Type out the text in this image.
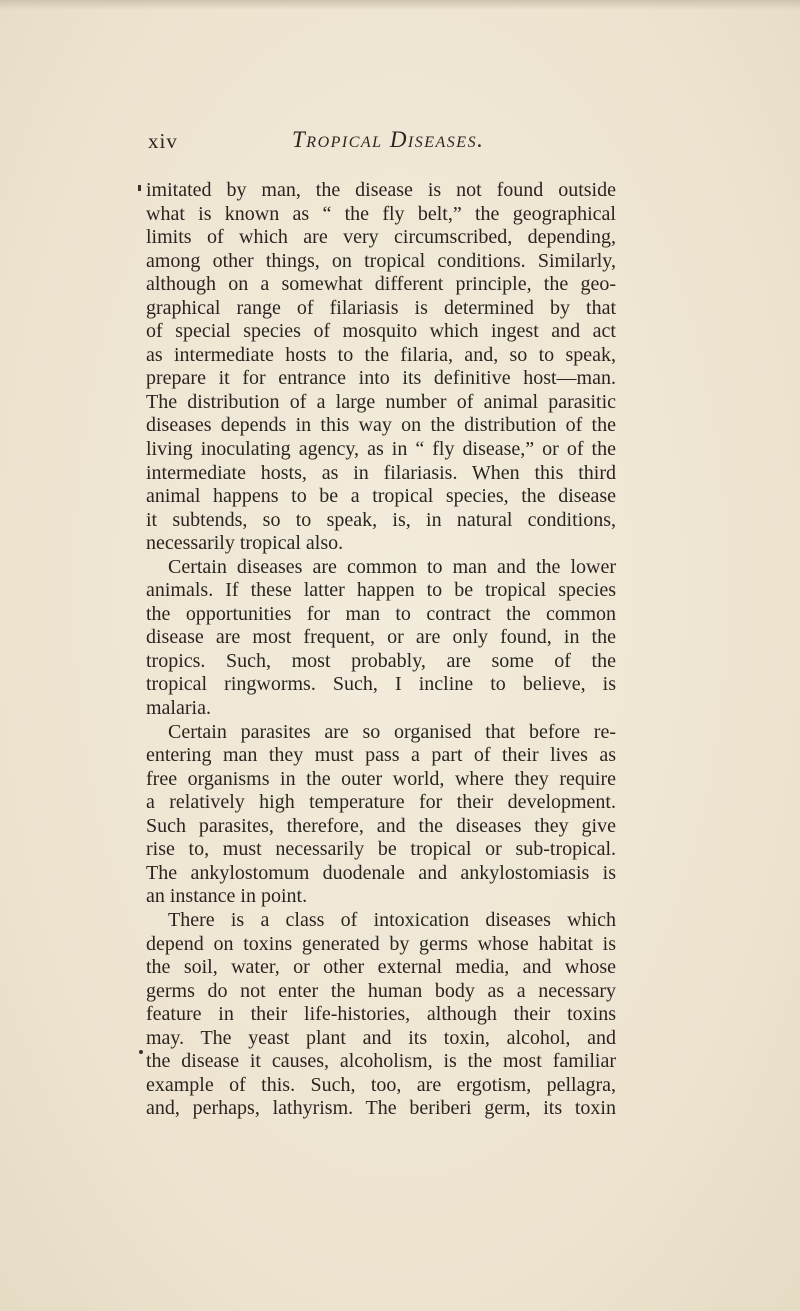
xiv	Tropical Diseases.
imitated by man, the disease is not found outside
what is known as “ the fly belt,” the geographical
limits of which are very circumscribed, depending,
among other things, on tropical conditions. Similarly,
although on a somewhat different principle, the geo-
graphical range of filariasis is determined by that
of special species of mosquito which ingest and act
as intermediate hosts to the filaria, and, so to speak,
prepare it for entrance into its definitive host—man.
The distribution of a large number of animal parasitic
diseases depends in this way on the distribution of the
living inoculating agency, as in “ fly disease,” or of the
intermediate hosts, as in filariasis. When this third
animal happens to be a tropical species, the disease
it subtends, so to speak, is, in natural conditions,
necessarily tropical also.
Certain diseases are common to man and the lower
animals. If these latter happen to be tropical species
the opportunities for man to contract the common
disease are most frequent, or are only found, in the
tropics. Such, most probably, are some of the
tropical ringworms. Such, I incline to believe, is
malaria.
Certain parasites are so organised that before re-
entering man they must pass a part of their lives as
free organisms in the outer world, where they require
a relatively high temperature for their development.
Such parasites, therefore, and the diseases they give
rise to, must necessarily be tropical or sub-tropical.
The ankylostomum duodenale and ankylostomiasis is
an instance in point.
There is a class of intoxication diseases which
depend on toxins generated by germs whose habitat is
the soil, water, or other external media, and whose
germs do not enter the human body as a necessary
feature in their life-histories, although their toxins
may. The yeast plant and its toxin, alcohol, and
the disease it causes, alcoholism, is the most familiar
example of this. Such, too, are ergotism, pellagra,
and, perhaps, lathyrism. The beriberi germ, its toxin
